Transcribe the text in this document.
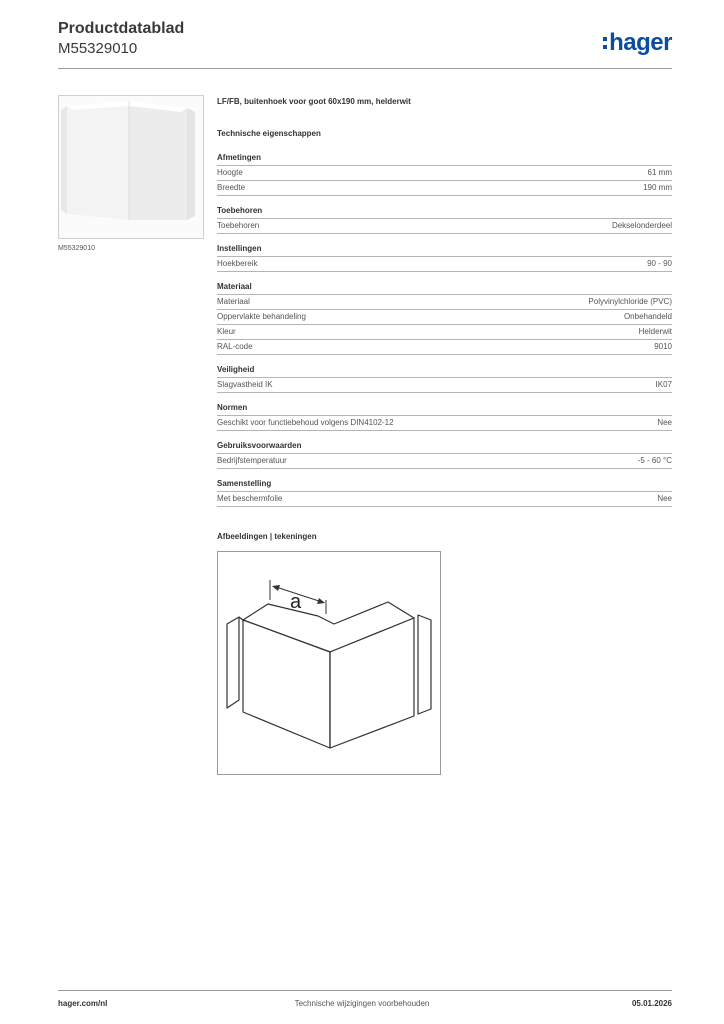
Productdatablad
M55329010	hager
M55329010
LF/FB, buitenhoek voor goot 60x190 mm, helderwit
Technische eigenschappen
Afmetingen
Hoogte	61 mm
Breedte	190 mm
Toebehoren
Toebehoren	Dekselonderdeel
Instellingen
Hoekbereik	90 - 90
Materiaal
Materiaal	Polyvinylchloride (PVC)
Oppervlakte behandeling	Onbehandeld
Kleur	Helderwit
RAL-code	9010
Veiligheid
Slagvastheid IK	IK07
Normen
Geschikt voor functiebehoud volgens DIN4102-12	Nee
Gebruiksvoorwaarden
Bedrijfstemperatuur	-5 - 60 °C
Samenstelling
Met beschermfolie	Nee
Afbeeldingen | tekeningen
a
hager.com/nl	Technische wijzigingen voorbehouden	05.01.2026
